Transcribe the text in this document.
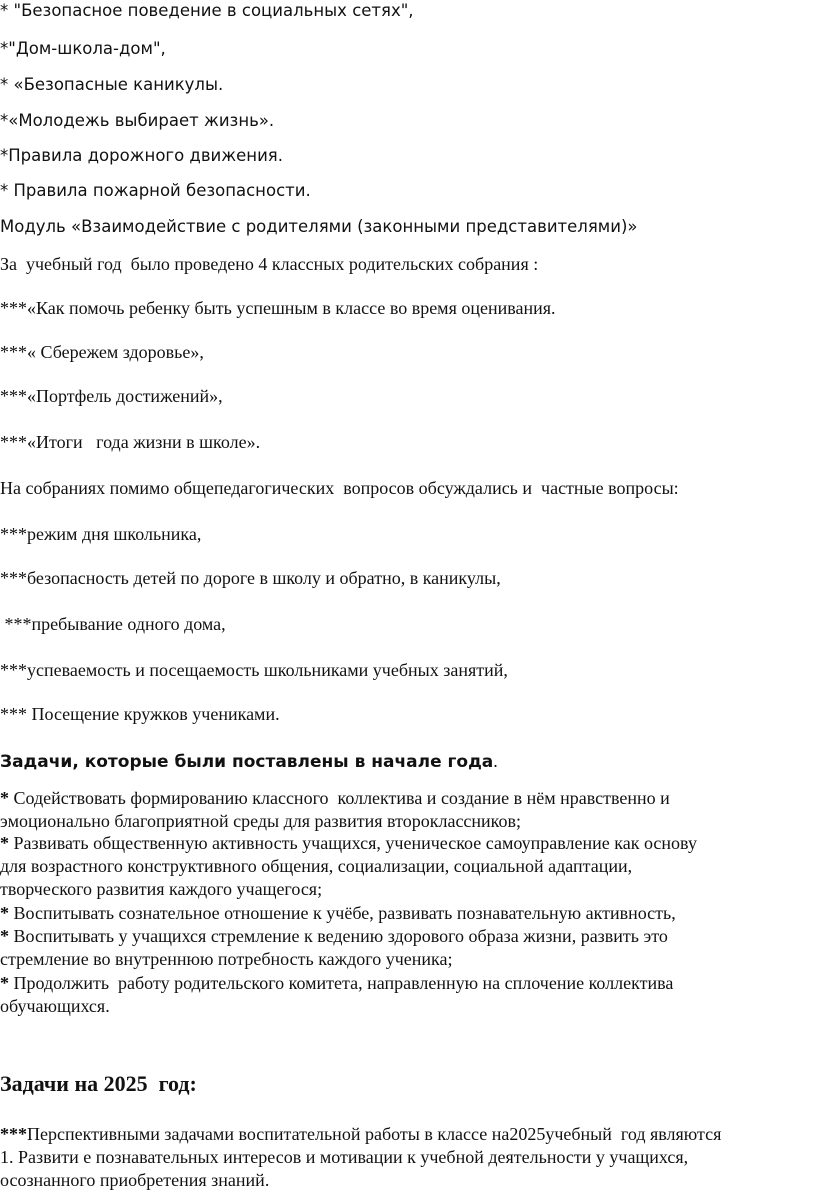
* "Безопасное поведение в социальных сетях",

*"Дом-школа-дом",

* «Безопасные каникулы.

*«Молодежь выбирает жизнь».

*Правила дорожного движения.

* Правила пожарной безопасности.

Модуль «Взаимодействие с родителями (законными представителями)»

За  учебный год  было проведено 4 классных родительских собрания :

***«Как помочь ребенку быть успешным в классе во время оценивания.

***« Сбережем здоровье»,

***«Портфель достижений»,

***«Итоги   года жизни в школе».

На собраниях помимо общепедагогических  вопросов обсуждались и  частные вопросы:

***режим дня школьника,

***безопасность детей по дороге в школу и обратно, в каникулы,

***пребывание одного дома,

***успеваемость и посещаемость школьниками учебных занятий,

*** Посещение кружков учениками.

Задачи, которые были поставлены в начале года.

* Содействовать формированию классного  коллектива и создание в нём нравственно и

эмоционально благоприятной среды для развития второклассников;

* Развивать общественную активность учащихся, ученическое самоуправление как основу

для возрастного конструктивного общения, социализации, социальной адаптации,

творческого развития каждого учащегося;

* Воспитывать сознательное отношение к учёбе, развивать познавательную активность,

* Воспитывать у учащихся стремление к ведению здорового образа жизни, развить это

стремление во внутреннюю потребность каждого ученика;

* Продолжить  работу родительского комитета, направленную на сплочение коллектива

обучающихся.

Задачи на 2025  год:

***Перспективными задачами воспитательной работы в классе на2025учебный  год являются

1. Развити е познавательных интересов и мотивации к учебной деятельности у учащихся,

осознанного приобретения знаний.
